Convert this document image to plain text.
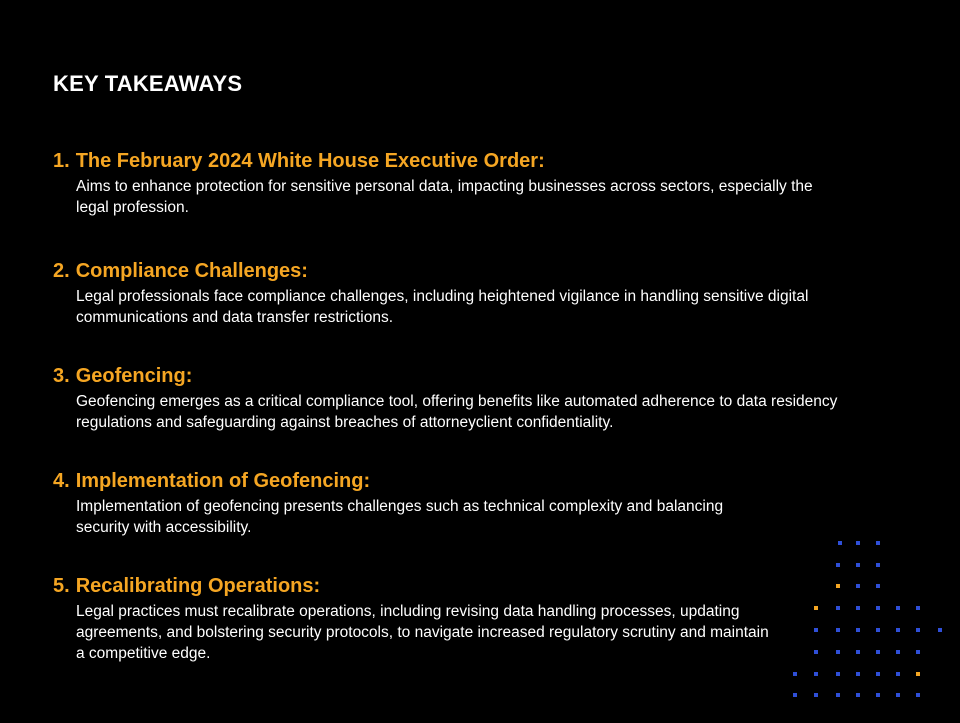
KEY TAKEAWAYS
1. The February 2024 White House Executive Order:
Aims to enhance protection for sensitive personal data, impacting businesses across sectors, especially the legal profession.
2. Compliance Challenges:
Legal professionals face compliance challenges, including heightened vigilance in handling sensitive digital communications and data transfer restrictions.
3. Geofencing:
Geofencing emerges as a critical compliance tool, offering benefits like automated adherence to data residency regulations and safeguarding against breaches of attorneyclient confidentiality.
4. Implementation of Geofencing:
Implementation of geofencing presents challenges such as technical complexity and balancing security with accessibility.
5. Recalibrating Operations:
Legal practices must recalibrate operations, including revising data handling processes, updating agreements, and bolstering security protocols, to navigate increased regulatory scrutiny and maintain a competitive edge.
